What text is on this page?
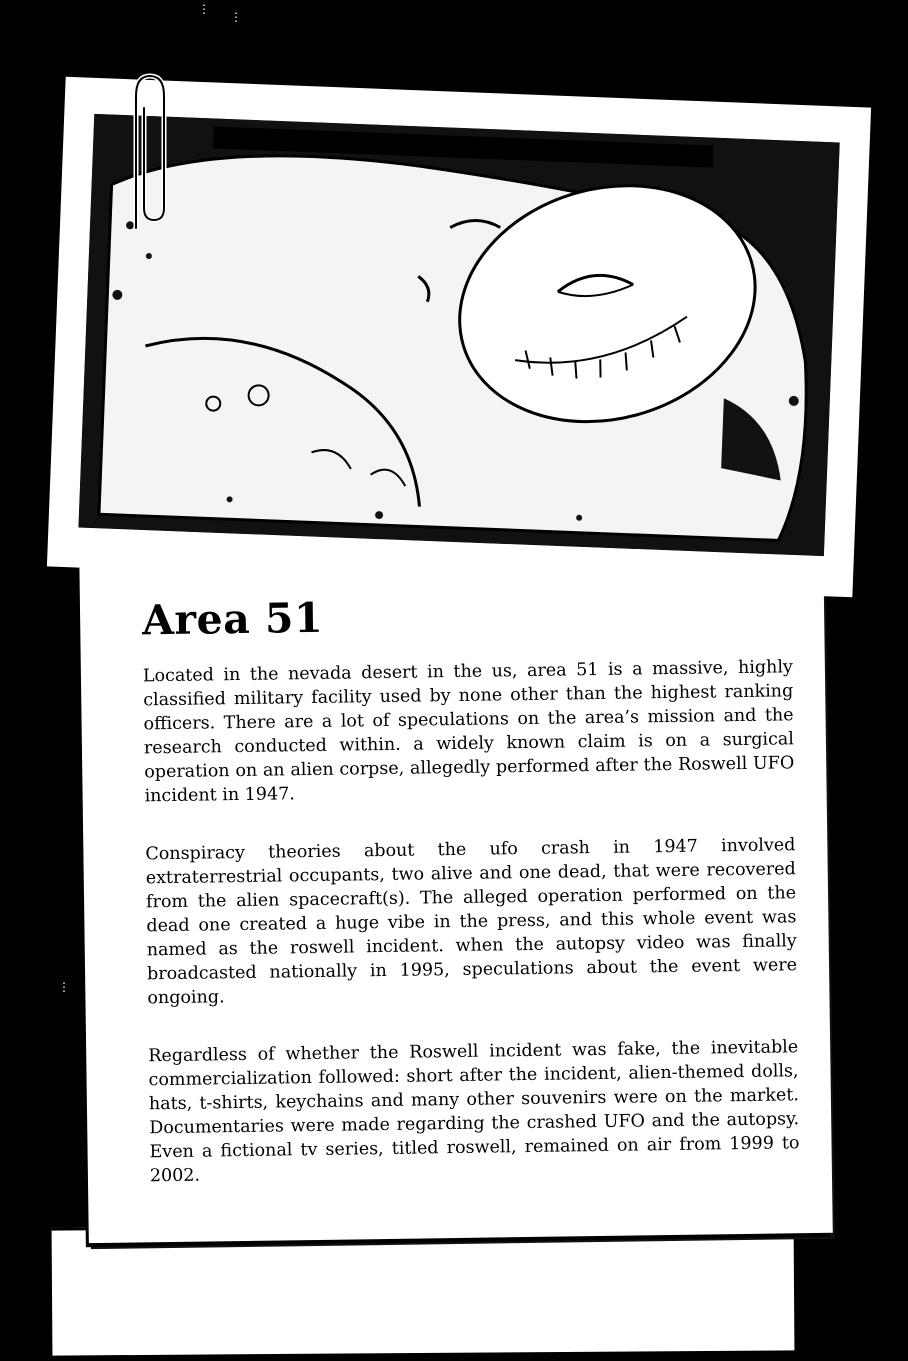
Area 51

Located in the nevada desert in the us, area 51 is a massive, highly classified military facility used by none other than the highest ranking officers. There are a lot of speculations on the area’s mission and the research conducted within. a widely known claim is on a surgical operation on an alien corpse, allegedly performed after the Roswell UFO incident in 1947.

Conspiracy theories about the ufo crash in 1947 involved extraterrestrial occupants, two alive and one dead, that were recovered from the alien spacecraft(s). The alleged operation performed on the dead one created a huge vibe in the press, and this whole event was named as the roswell incident. when the autopsy video was finally broadcasted nationally in 1995, speculations about the event were ongoing.

Regardless of whether the Roswell incident was fake, the inevitable commercialization followed: short after the incident, alien-themed dolls, hats, t-shirts, keychains and many other souvenirs were on the market. Documentaries were made regarding the crashed UFO and the autopsy. Even a fictional tv series, titled roswell, remained on air from 1999 to 2002.

⋮
⋮
⋮
⋮
